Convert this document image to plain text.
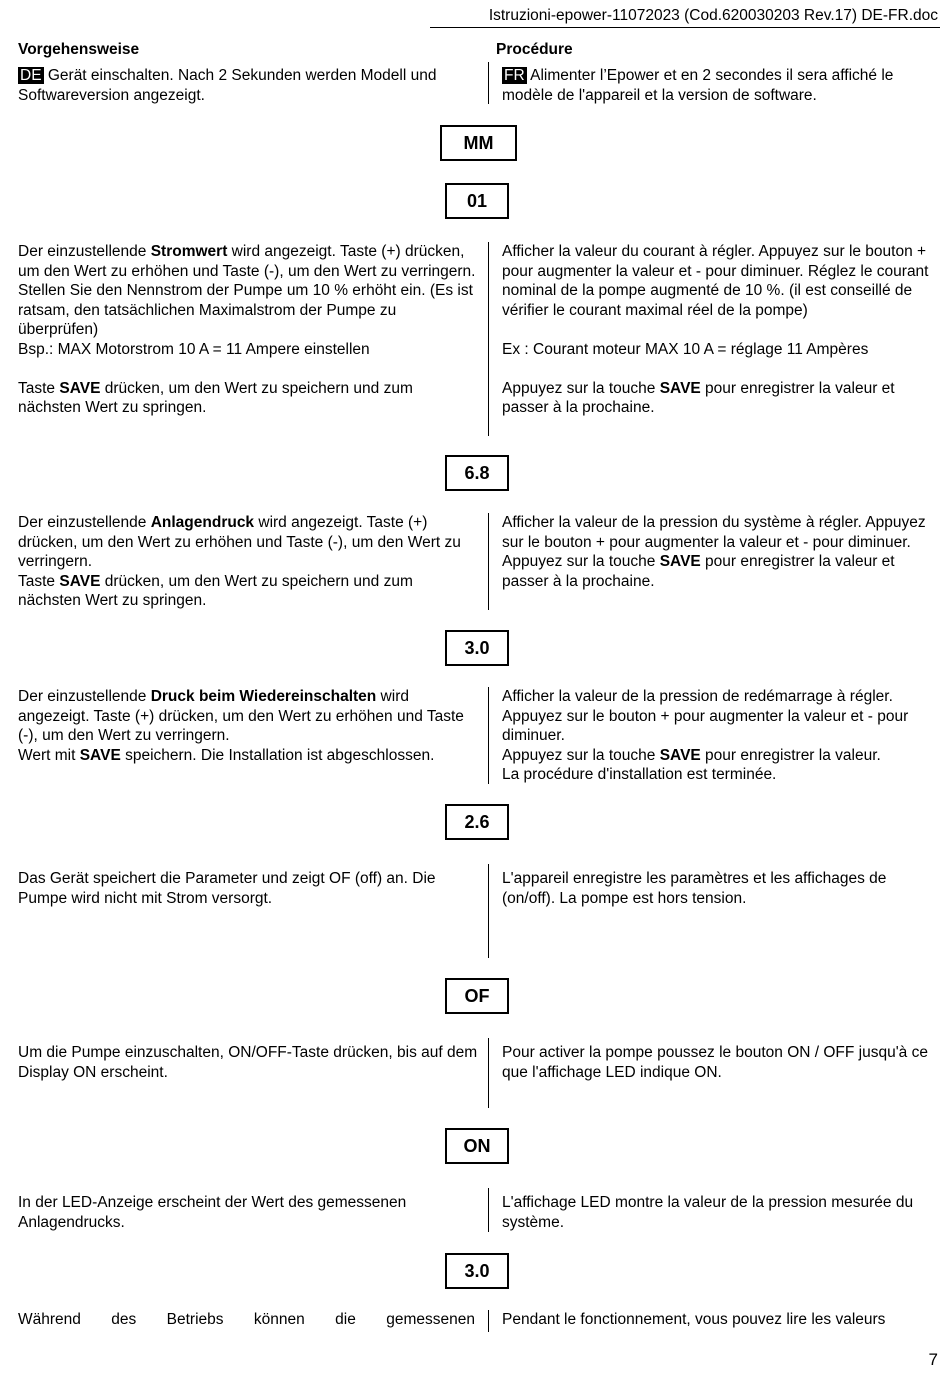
Istruzioni-epower-11072023 (Cod.620030203 Rev.17) DE-FR.doc
Vorgehensweise	Procédure

DE Gerät einschalten. Nach 2 Sekunden werden Modell und Softwareversion angezeigt.

FR Alimenter l’Epower et en 2 secondes il sera affiché le modèle de l'appareil et la version de software.

MM
01

Der einzustellende Stromwert wird angezeigt. Taste (+) drücken, um den Wert zu erhöhen und Taste (-), um den Wert zu verringern.

Stellen Sie den Nennstrom der Pumpe um 10 % erhöht ein. (Es ist ratsam, den tatsächlichen Maximalstrom der Pumpe zu überprüfen)

Bsp.: MAX Motorstrom 10 A = 11 Ampere einstellen

Taste SAVE drücken, um den Wert zu speichern und zum nächsten Wert zu springen.

Afficher la valeur du courant à régler. Appuyez sur le bouton + pour augmenter la valeur et - pour diminuer. Réglez le courant nominal de la pompe augmenté de 10 %. (il est conseillé de vérifier le courant maximal réel de la pompe)

Ex : Courant moteur MAX 10 A = réglage 11 Ampères

Appuyez sur la touche SAVE pour enregistrer la valeur et passer à la prochaine.

6.8

Der einzustellende Anlagendruck wird angezeigt. Taste (+) drücken, um den Wert zu erhöhen und Taste (-), um den Wert zu verringern.

Taste SAVE drücken, um den Wert zu speichern und zum nächsten Wert zu springen.

Afficher la valeur de la pression du système à régler. Appuyez sur le bouton + pour augmenter la valeur et - pour diminuer.

Appuyez sur la touche SAVE pour enregistrer la valeur et passer à la prochaine.

3.0

Der einzustellende Druck beim Wiedereinschalten wird angezeigt. Taste (+) drücken, um den Wert zu erhöhen und Taste (-), um den Wert zu verringern.

Wert mit SAVE speichern. Die Installation ist abgeschlossen.

Afficher la valeur de la pression de redémarrage à régler. Appuyez sur le bouton + pour augmenter la valeur et - pour diminuer.

Appuyez sur la touche SAVE pour enregistrer la valeur.

La procédure d'installation est terminée.

2.6

Das Gerät speichert die Parameter und zeigt OF (off) an. Die Pumpe wird nicht mit Strom versorgt.

L'appareil enregistre les paramètres et les affichages de (on/off). La pompe est hors tension.

OF

Um die Pumpe einzuschalten, ON/OFF-Taste drücken, bis auf dem Display ON erscheint.

Pour activer la pompe poussez le bouton ON / OFF jusqu'à ce que l'affichage LED indique ON.

ON

In der LED-Anzeige erscheint der Wert des gemessenen Anlagendrucks.

L'affichage LED montre la valeur de la pression mesurée du système.

3.0

Während des Betriebs können die gemessenen Pendant le fonctionnement, vous pouvez lire les valeurs

7
